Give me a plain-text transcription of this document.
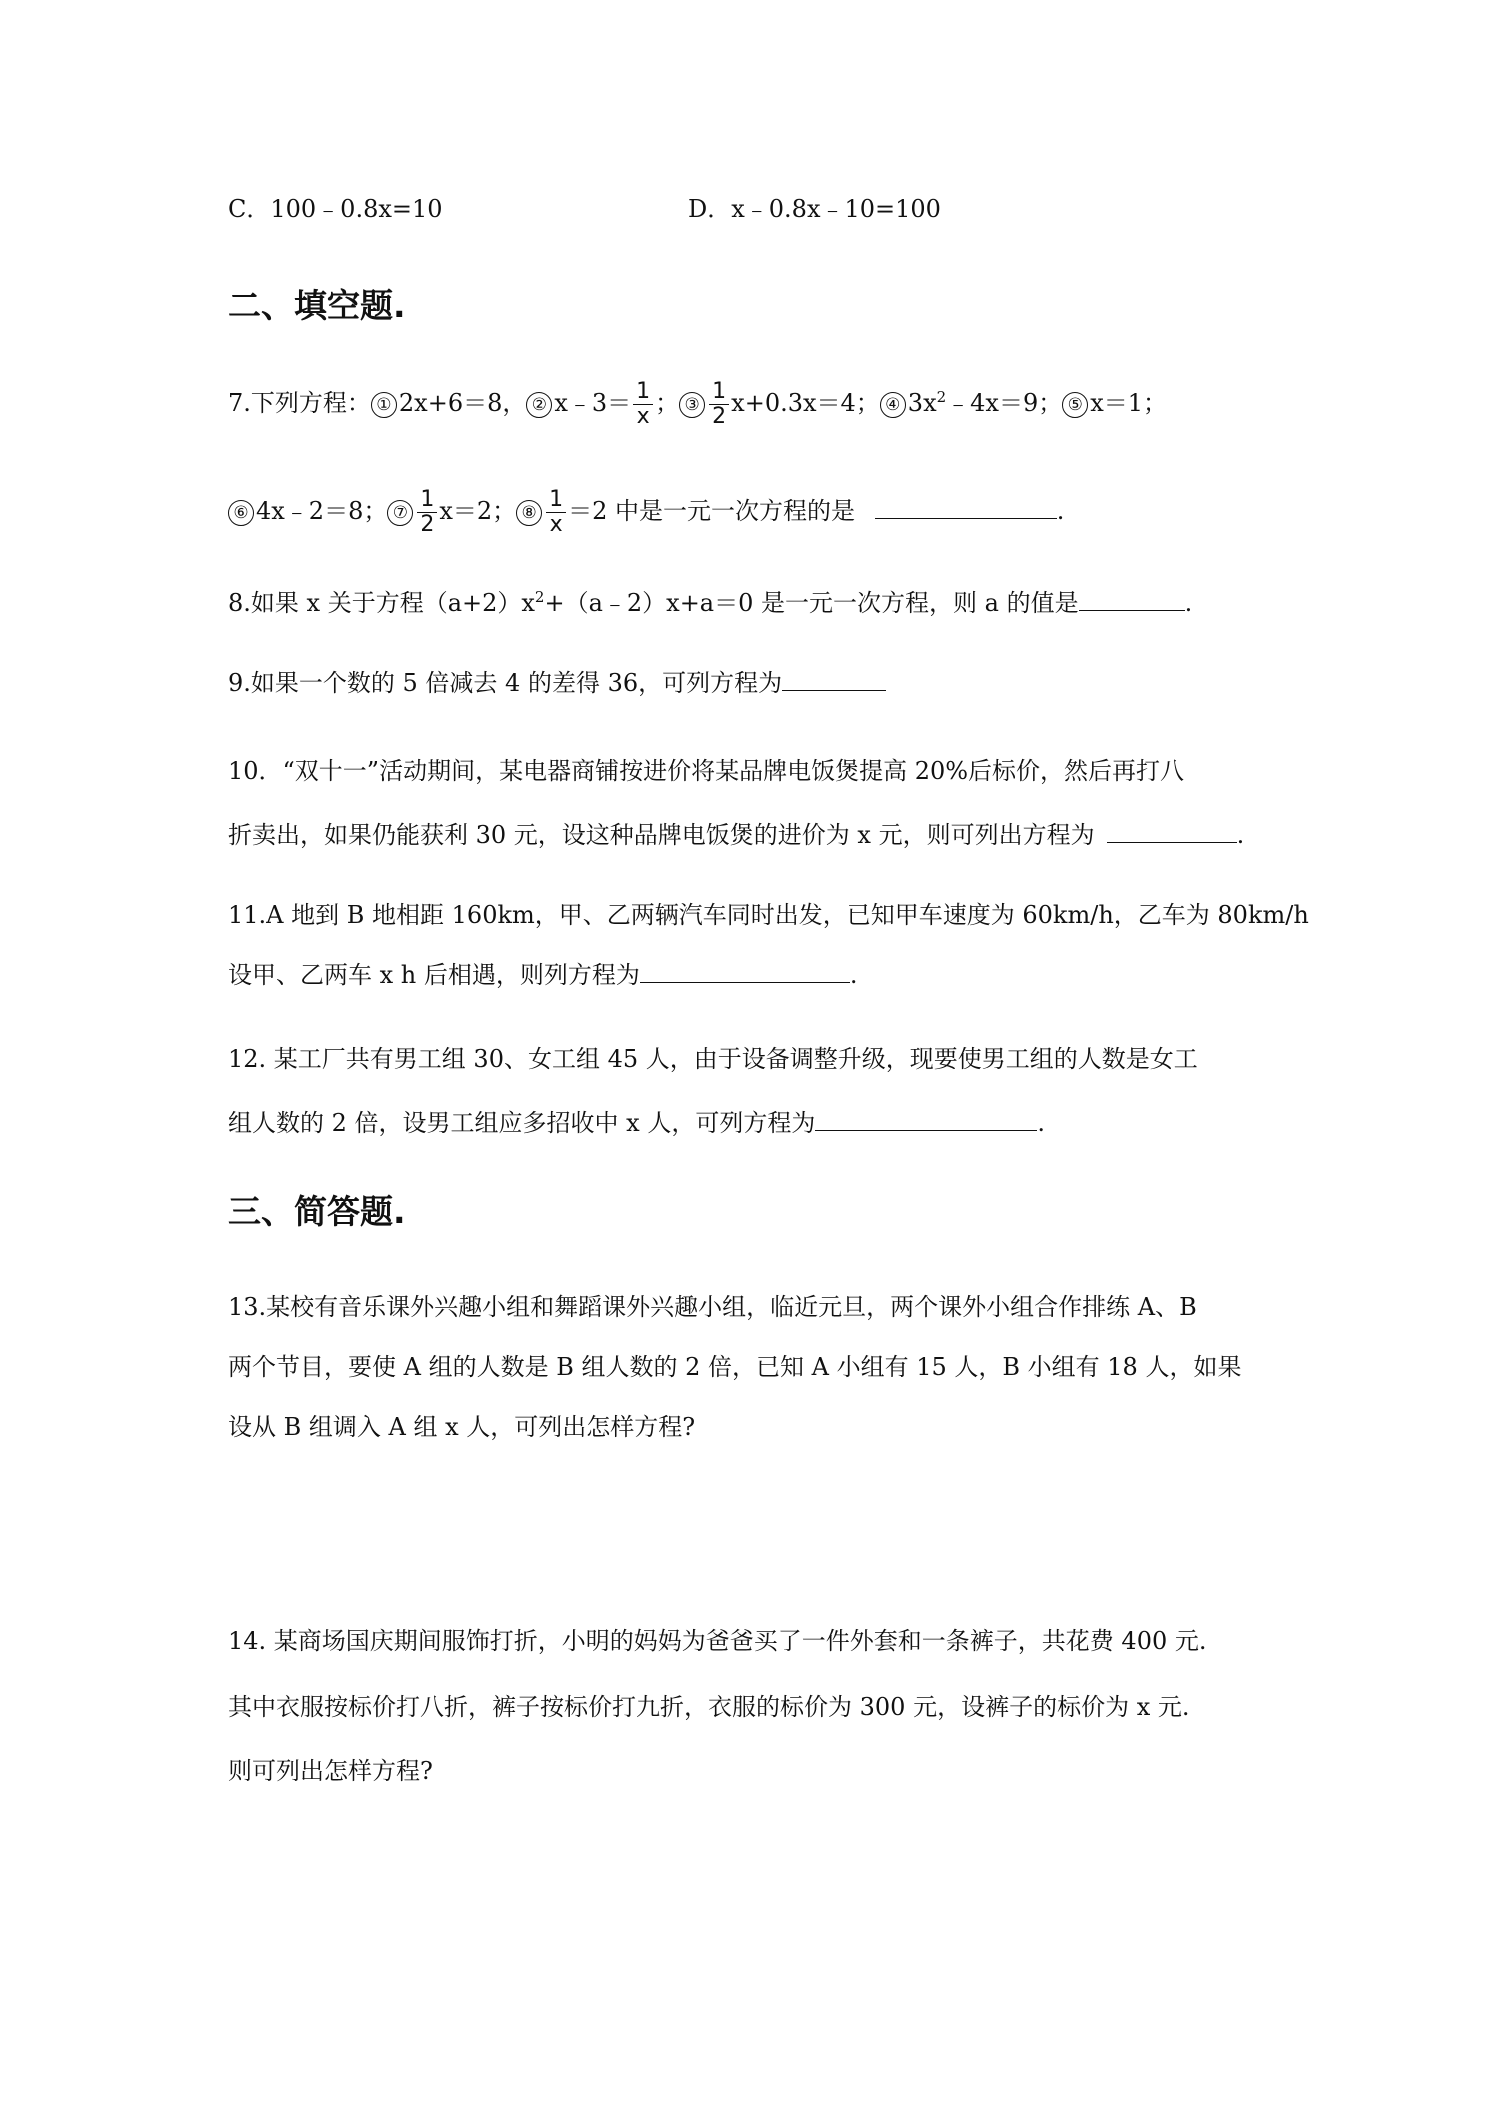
C．100﹣0.8x=10	D．x﹣0.8x﹣10=100
二、填空题.
7.下列方程： ① 2x+6＝8， ② x﹣3＝ $\frac{1}{x}$ ； ③ $\frac{1}{2} x+0.3x=4$； ④ $3x^2﹣4x=9$； ⑤ x＝1；
⑥ 4x﹣2＝8； ⑦ $\frac{1}{2} x=2$； ⑧ $\frac{1}{x} =2$ 中是一元一次方程的是	.
8.如果 x 关于方程$(a+2)x^2+(a﹣2)x+a=0$ 是一元一次方程，则 a 的值是	.
9.如果一个数的 5 倍减去 4 的差得 36，可列方程为
10．“双十一”活动期间，某电器商铺按进价将某品牌电饭煲提高 20%后标价，然后再打八
折卖出，如果仍能获利 30 元，设这种品牌电饭煲的进价为 x 元，则可列出方程为	.
11.A 地到 B 地相距 160km，甲、乙两辆汽车同时出发，已知甲车速度为 60km/h，乙车为 80km/h
设甲、乙两车 x h 后相遇，则列方程为	.
12. 某工厂共有男工组 30、女工组 45 人，由于设备调整升级，现要使男工组的人数是女工
组人数的 2 倍，设男工组应多招收中 x 人，可列方程为	.
三、简答题.
13.某校有音乐课外兴趣小组和舞蹈课外兴趣小组，临近元旦，两个课外小组合作排练 A、B
两个节目，要使 A 组的人数是 B 组人数的 2 倍，已知 A 小组有 15 人，B 小组有 18 人，如果
设从 B 组调入 A 组 x 人，可列出怎样方程?
14. 某商场国庆期间服饰打折，小明的妈妈为爸爸买了一件外套和一条裤子，共花费 400 元.
其中衣服按标价打八折，裤子按标价打九折，衣服的标价为 300 元，设裤子的标价为 x 元.
则可列出怎样方程?
